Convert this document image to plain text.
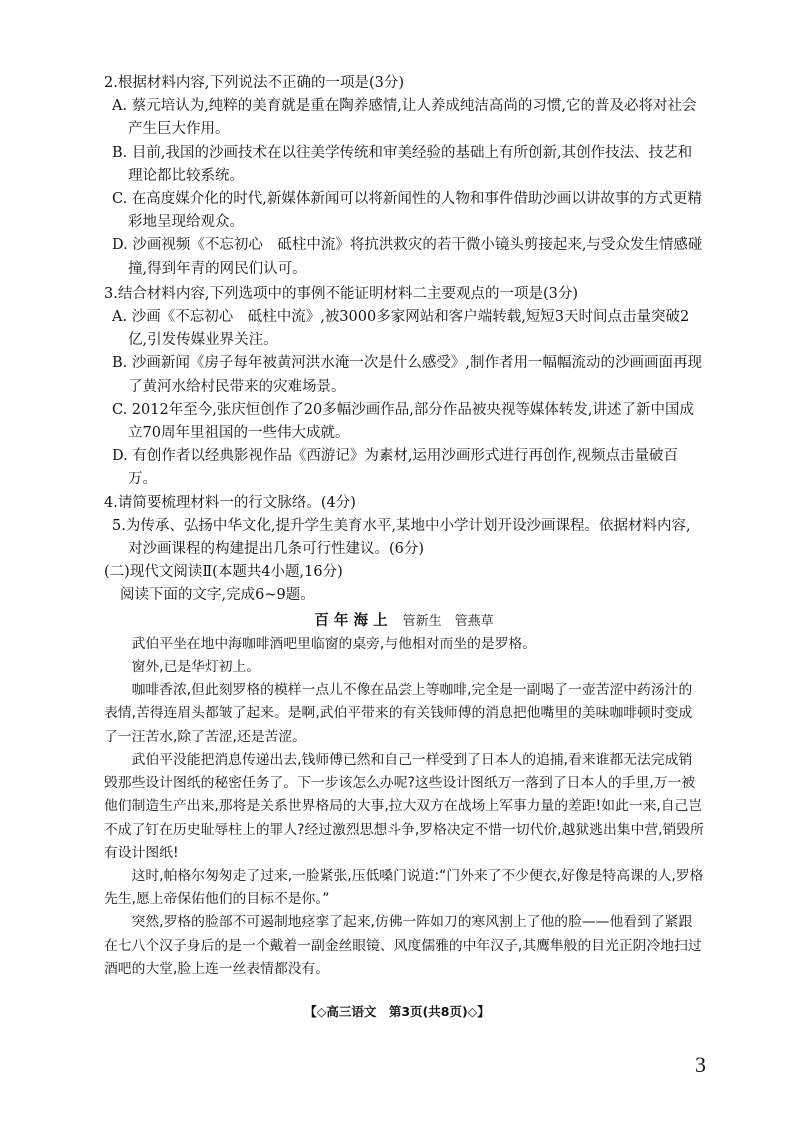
2.根据材料内容,下列说法不正确的一项是(3分)

A. 蔡元培认为,纯粹的美育就是重在陶养感情,让人养成纯洁高尚的习惯,它的普及必将对社会产生巨大作用。

B. 目前,我国的沙画技术在以往美学传统和审美经验的基础上有所创新,其创作技法、技艺和理论都比较系统。

C. 在高度媒介化的时代,新媒体新闻可以将新闻性的人物和事件借助沙画以讲故事的方式更精彩地呈现给观众。

D. 沙画视频《不忘初心　砥柱中流》将抗洪救灾的若干微小镜头剪接起来,与受众发生情感碰撞,得到年青的网民们认可。

3.结合材料内容,下列选项中的事例不能证明材料二主要观点的一项是(3分)

A. 沙画《不忘初心　砥柱中流》,被3000多家网站和客户端转载,短短3天时间点击量突破2亿,引发传媒业界关注。

B. 沙画新闻《房子每年被黄河洪水淹一次是什么感受》,制作者用一幅幅流动的沙画画面再现了黄河水给村民带来的灾难场景。

C. 2012年至今,张庆恒创作了20多幅沙画作品,部分作品被央视等媒体转发,讲述了新中国成立70周年里祖国的一些伟大成就。

D. 有创作者以经典影视作品《西游记》为素材,运用沙画形式进行再创作,视频点击量破百万。

4.请简要梳理材料一的行文脉络。(4分)

5.为传承、弘扬中华文化,提升学生美育水平,某地中小学计划开设沙画课程。依据材料内容,对沙画课程的构建提出几条可行性建议。(6分)

(二)现代文阅读Ⅱ(本题共4小题,16分)

阅读下面的文字,完成6~9题。

百 年 海 上 管新生　管燕草

武伯平坐在地中海咖啡酒吧里临窗的桌旁,与他相对而坐的是罗格。

窗外,已是华灯初上。

咖啡香浓,但此刻罗格的模样一点儿不像在品尝上等咖啡,完全是一副喝了一壶苦涩中药汤汁的表情,苦得连眉头都皱了起来。是啊,武伯平带来的有关钱师傅的消息把他嘴里的美味咖啡顿时变成了一汪苦水,除了苦涩,还是苦涩。

武伯平没能把消息传递出去,钱师傅已然和自己一样受到了日本人的追捕,看来谁都无法完成销毁那些设计图纸的秘密任务了。下一步该怎么办呢?这些设计图纸万一落到了日本人的手里,万一被他们制造生产出来,那将是关系世界格局的大事,拉大双方在战场上军事力量的差距!如此一来,自己岂不成了钉在历史耻辱柱上的罪人?经过激烈思想斗争,罗格决定不惜一切代价,越狱逃出集中营,销毁所有设计图纸!

这时,帕格尔匆匆走了过来,一脸紧张,压低嗓门说道:“门外来了不少便衣,好像是特高课的人,罗格先生,愿上帝保佑他们的目标不是你。”

突然,罗格的脸部不可遏制地痉挛了起来,仿佛一阵如刀的寒风割上了他的脸——他看到了紧跟在七八个汉子身后的是一个戴着一副金丝眼镜、风度儒雅的中年汉子,其鹰隼般的目光正阴冷地扫过酒吧的大堂,脸上连一丝表情都没有。

【◇高三语文　第3页(共8页)◇】
3
